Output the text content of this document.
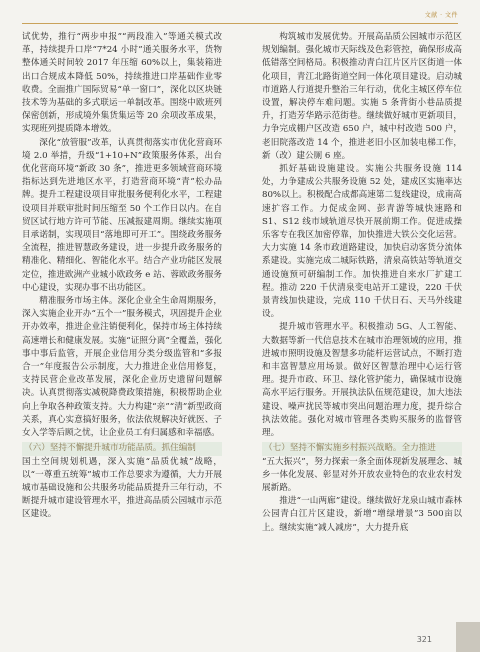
文献 · 文件

试优势，推行“两步申报”“两段准入”等通关模式改革，持续提升口岸“7*24 小时”通关服务水平，货物整体通关时间较 2017 年压缩 60%以上，集装箱进出口合规成本降低 50%，持续推进口岸基础作业零收费。全面推广国际贸易“单一窗口”，深化以区块链技术等为基础的多式联运一单制改革。围绕中欧班列保密创新，形成境外集货集运等 20 余项改革成果，实现班列提质降本增效。

深化“放管服”改革，认真贯彻落实市优化营商环境 2.0 举措，升级“1+10+N”政策服务体系，出台优化营商环境“新政 30 条”，推进更多领域营商环境指标达到先进地区水平，打造营商环境“青”松办品牌。提升工程建设项目审批服务便利化水平，工程建设项目并联审批时间压缩至 50 个工作日以内。在自贸区试行地方许可节能、压减报建周期。继续实施项目承诺制，实现项目“落地即可开工”。围绕政务服务全流程，推进智慧政务建设，进一步提升政务服务的精准化、精细化、智能化水平。结合产业功能区发展定位，推进欧洲产业城小欧政务 e 站、蓉欧政务服务中心建设，实现办事不出功能区。

精准服务市场主体。深化企业全生命周期服务，深入实施企业开办“五个一”服务模式，巩固提升企业开办效率，推进企业注销便利化，保持市场主体持续高速增长和健康发展。实施“证照分离”全覆盖，强化事中事后监管，开展企业信用分类分级监管和“多报合一”年度报告公示制度，大力推进企业信用修复，支持民营企业改革发展，深化企业历史遗留问题解决。认真贯彻落实减税降费政策措施，积极帮助企业向上争取各种政策支持。大力构建“亲”“清”新型政商关系，真心实意搞好服务，依法依规解决好就医、子女入学等后顾之忧，让企业员工有归属感和幸福感。

（六）坚持不懈提升城市功能品质。抓住编制

国土空间规划机遇，深入实施“品质优城”战略，以“一尊重五统筹”城市工作总要求为遵循，大力开展城市基础设施和公共服务功能品质提升三年行动，不断提升城市建设管理水平，推进高品质公园城市示范区建设。

构筑城市发展优势。开展高品质公园城市示范区规划编制。强化城市天际线及色彩管控，确保形成高低错落空间格局。积极推动青白江片区片区街道一体化项目，青江北路街道空间一体化项目建设。启动城市道路人行道提升整治三年行动，优化主城区停车位设置，解决停车难问题。实施 5 条背街小巷品质提升，打造芳华路示范街巷。继续做好城市更新项目，力争完成棚户区改造 650 户，城中村改造 500 户，老旧院落改造 14 个，推进老旧小区加装电梯工作，新（改）建公厕 6 座。

抓好基础设施建设。实施公共服务设施 114 处，力争建成公共服务设施 52 处，建成区实施率达 80%以上。积极配合成都高速第二复线建设，成南高速扩容工作。力促成金网、彭青游等城快速路和 S1、S12 线市域轨道尽快开展前期工作。促进成操乐客专在我区加密停靠，加快推进大铁公交化运营。大力实施 14 条市政道路建设，加快启动客货分流体系建设。实施完成二城际铁路，清泉高铁站等轨道交通设施预可研编制工作。加快推进自来水厂扩建工程。推动 220 千伏清泉变电站开工建设，220 千伏景青线加快建设，完成 110 千伏日石、天马外线建设。

提升城市管理水平。积极推动 5G、人工智能、大数据等新一代信息技术在城市治理领域的应用，推进城市照明设施及智慧多功能杆运营试点，不断打造和丰富智慧应用场景。做好区智慧治理中心运行管理。提升市政、环卫、绿化管护能力，确保城市设施高水平运行服务。开展执法队伍规范建设，加大违法建设、噪声扰民等城市突出问题治理力度，提升综合执法效能。强化对城市管理各类购买服务的监督管理。

（七）坚持不懈实施乡村振兴战略。全力推进

“五大振兴”，努力探索一条全面体现新发展理念、城乡一体化发展、彰显对外开放农业特色的农业农村发展新路。

推进“一山两廊”建设。继续做好龙泉山城市森林公园青白江片区建设，新增“增绿增景”3 500亩以上。继续实施“减人减房”，大力提升底

321
